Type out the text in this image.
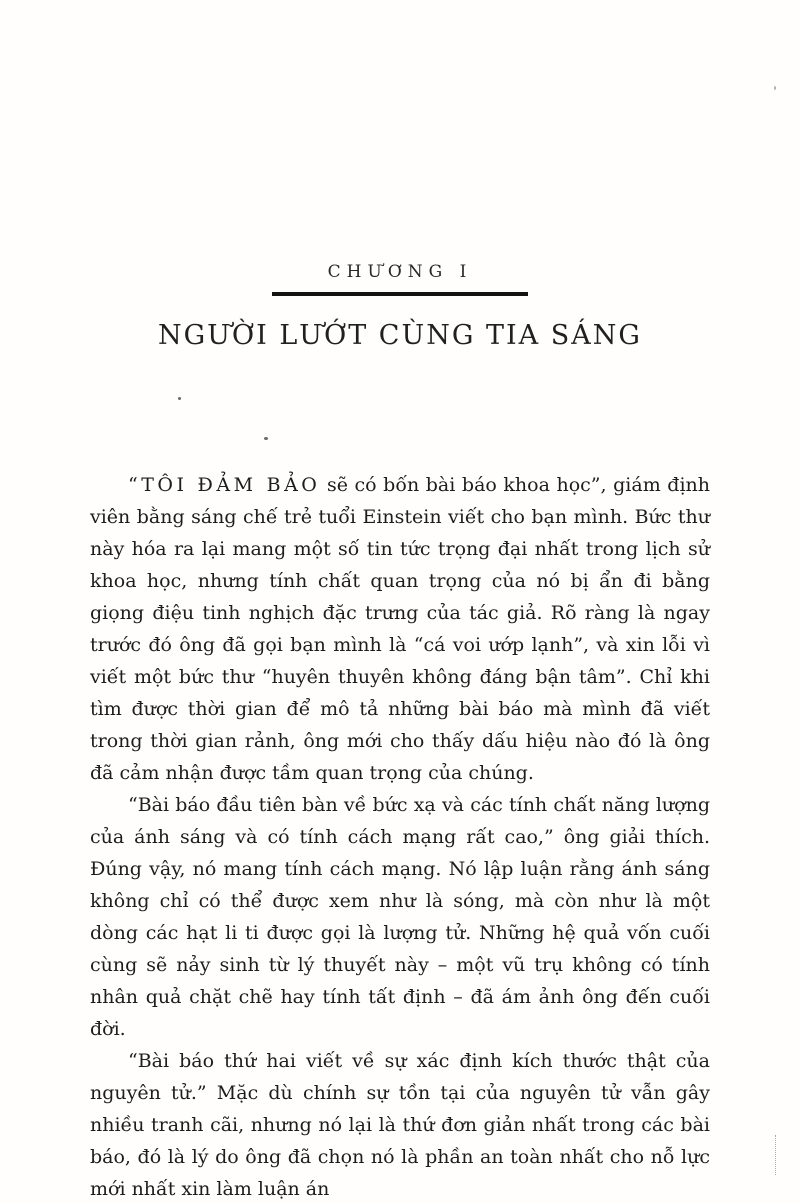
CHƯƠNG I
NGƯỜI LƯỚT CÙNG TIA SÁNG

“TÔI ĐẢM BẢO sẽ có bốn bài báo khoa học”, giám định viên bằng sáng chế trẻ tuổi Einstein viết cho bạn mình. Bức thư này hóa ra lại mang một số tin tức trọng đại nhất trong lịch sử khoa học, nhưng tính chất quan trọng của nó bị ẩn đi bằng giọng điệu tinh nghịch đặc trưng của tác giả. Rõ ràng là ngay trước đó ông đã gọi bạn mình là “cá voi ướp lạnh”, và xin lỗi vì viết một bức thư “huyên thuyên không đáng bận tâm”. Chỉ khi tìm được thời gian để mô tả những bài báo mà mình đã viết trong thời gian rảnh, ông mới cho thấy dấu hiệu nào đó là ông đã cảm nhận được tầm quan trọng của chúng.

“Bài báo đầu tiên bàn về bức xạ và các tính chất năng lượng của ánh sáng và có tính cách mạng rất cao,” ông giải thích. Đúng vậy, nó mang tính cách mạng. Nó lập luận rằng ánh sáng không chỉ có thể được xem như là sóng, mà còn như là một dòng các hạt li ti được gọi là lượng tử. Những hệ quả vốn cuối cùng sẽ nảy sinh từ lý thuyết này – một vũ trụ không có tính nhân quả chặt chẽ hay tính tất định – đã ám ảnh ông đến cuối đời.

“Bài báo thứ hai viết về sự xác định kích thước thật của nguyên tử.” Mặc dù chính sự tồn tại của nguyên tử vẫn gây nhiều tranh cãi, nhưng nó lại là thứ đơn giản nhất trong các bài báo, đó là lý do ông đã chọn nó là phần an toàn nhất cho nỗ lực mới nhất xin làm luận án
